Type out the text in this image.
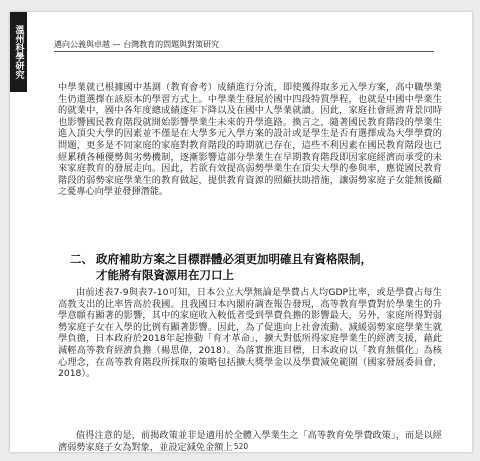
溫州科學研究	邁向公義與卓越 — 台灣教育的問題與對策研究

中學業就已根據國中基測（教育會考）成績進行分流，即使獲得取多元入學方案，高中職學業生仍還選擇在該原本的學習方式上。中學業生發展於國中四段特質學程，也就是中國中學業生的就業中，國中各年度總成績逐年下降以及在國中人學業就讀。因此，家庭社會經濟背景同時也影響國民教育階段就開始影響學業生未來的升學進路。換言之，隨著國民教育階段的學業生進入頂尖大學的因素並不僅是在大學多元入學方案的設計或是學生是否有選擇成為大學學費的問題，更多是不同家庭的家庭對教育階段的時期就已存在，這些不利因素在國民教育階段也已經累積各種優勢與劣勢機制，逐漸影響這部分學業生在早期教育階段即因家庭經濟而承受的未來家庭教育的發展走向。因此，若欲有效提高弱勢學業生在頂尖大學的參與率，應從國民教育階段的弱勢家庭學業生的教育做起，提供教育資源的照顧扶助措施，讓弱勢家庭子女能無後顧之憂專心向學並發揮潛能。

二、 政府補助方案之目標群體必須更加明確且有資格限制，
才能將有限資源用在刀口上

由前述表7-9與表7-10可知，日本公立大學無論是學費占人均GDP比率，或是學費占每生高教支出的比率皆高於我國。且我國日本內閣府調查報告發現，高等教育學費對於學業生的升學意願有顯著的影響，其中的家庭收入較低者受到學費負擔的影響最大，另外，家庭所得對弱勢家庭子女在入學的比例有顯著影響。因此，為了促進向上社會流動、減緩弱勢家庭學業生就學負擔，日本政府於2018年起推動「育才革命」，擴大對低所得家庭學業生的經濟支援，藉此減輕高等教育經濟負擔（楊思偉，2018）。為落實推進目標，日本政府以「教育無償化」為核心理念，在高等教育階段所採取的策略包括擴大獎學金以及學費減免範圍（國家發展委員會，2018）。

值得注意的是，前揭政策並非是適用於全體入學業生之「高等教育免學費政策」，而是以經濟弱勢家庭子女為對象，並設定減免金額上 520
